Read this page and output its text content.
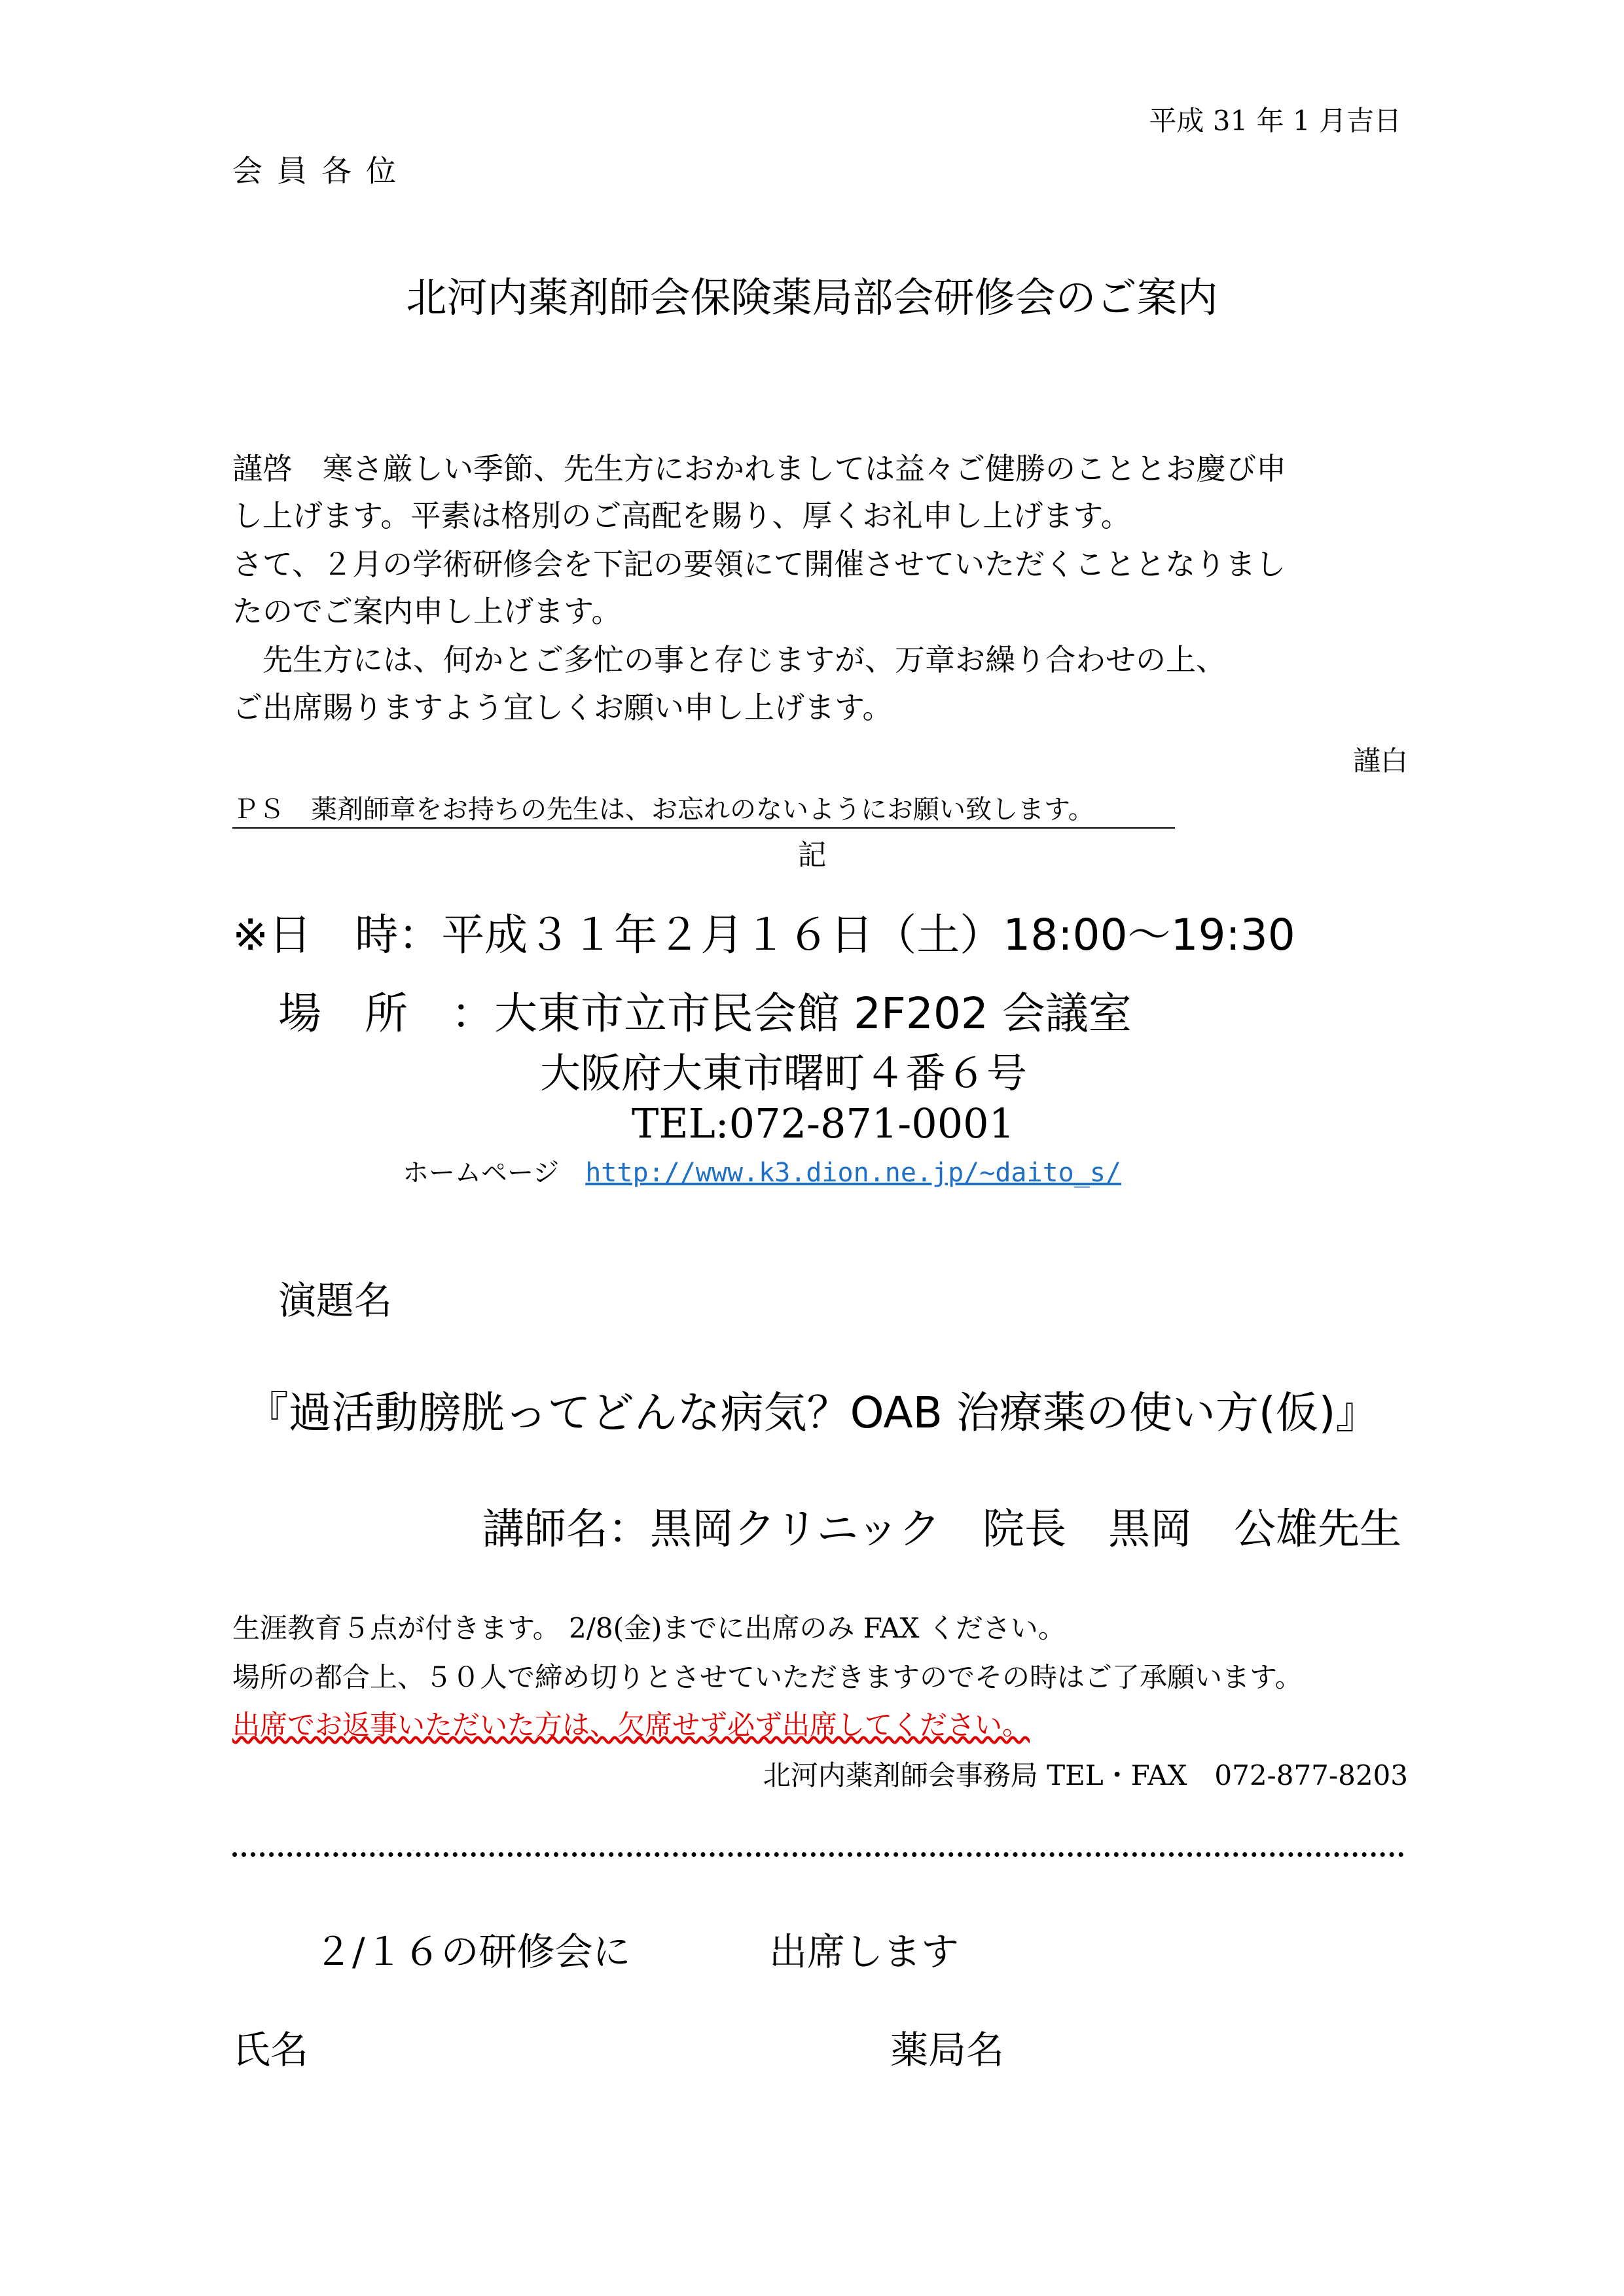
平成 31 年 1 月吉日
会員各位
北河内薬剤師会保険薬局部会研修会のご案内
謹啓　寒さ厳しい季節、先生方におかれましては益々ご健勝のこととお慶び申
し上げます。平素は格別のご高配を賜り、厚くお礼申し上げます。
さて、２月の学術研修会を下記の要領にて開催させていただくこととなりまし
たのでご案内申し上げます。
　先生方には、何かとご多忙の事と存じますが、万章お繰り合わせの上、
ご出席賜りますよう宜しくお願い申し上げます。
謹白
ＰＳ　薬剤師章をお持ちの先生は、お忘れのないようにお願い致します。
記
※日　時：平成３１年２月１６日（土）18:00～19:30
場　所　：大東市立市民会館 2F202 会議室
大阪府大東市曙町４番６号
TEL:072-871-0001
ホームページ http://www.k3.dion.ne.jp/~daito_s/
演題名
『過活動膀胱ってどんな病気？OAB 治療薬の使い方(仮)』
講師名：黒岡クリニック　院長　黒岡　公雄先生
生涯教育５点が付きます。 2/8(金)までに出席のみ FAX ください。
場所の都合上、５０人で締め切りとさせていただきますのでその時はご了承願います。
出席でお返事いただいた方は、欠席せず必ず出席してください。
北河内薬剤師会事務局 TEL・FAX　072-877-8203
２/１６の研修会に	出席します
氏名	薬局名
